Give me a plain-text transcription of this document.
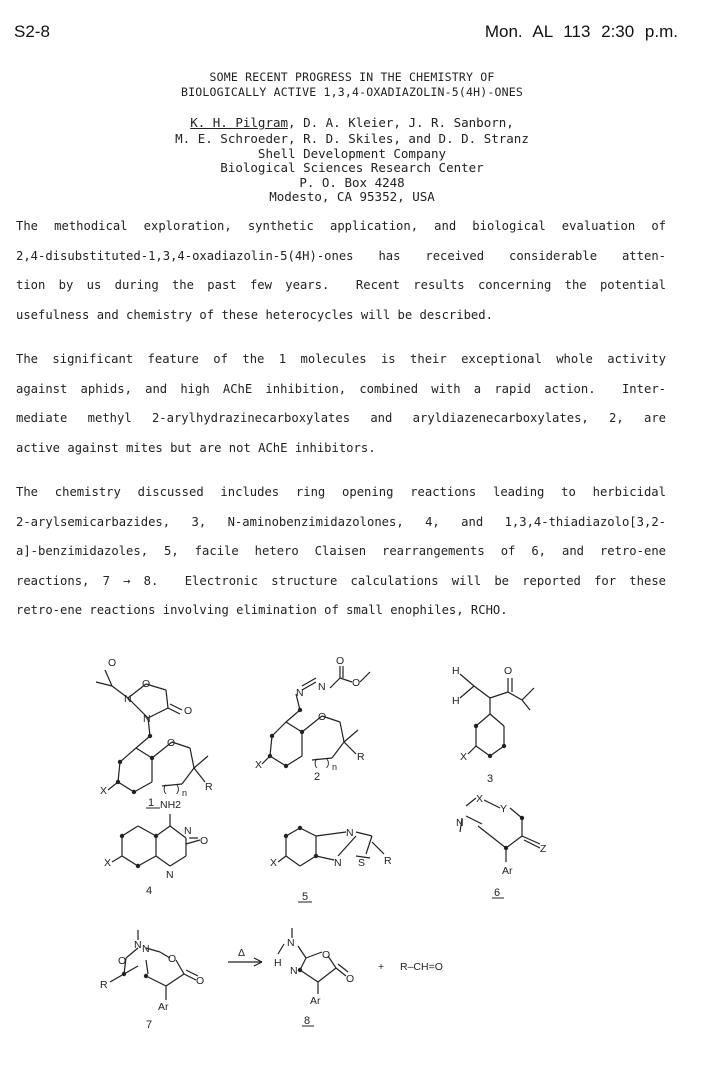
S2-8	Mon. AL 113 2:30 p.m.
SOME RECENT PROGRESS IN THE CHEMISTRY OF
BIOLOGICALLY ACTIVE 1,3,4-OXADIAZOLIN-5(4H)-ONES
K. H. Pilgram, D. A. Kleier, J. R. Sanborn,
M. E. Schroeder, R. D. Skiles, and D. D. Stranz
Shell Development Company
Biological Sciences Research Center
P. O. Box 4248
Modesto, CA 95352, USA
The methodical exploration, synthetic application, and biological evaluation of
2,4-disubstituted-1,3,4-oxadiazolin-5(4H)-ones has received considerable atten-
tion by us during the past few years.  Recent results concerning the potential
usefulness and chemistry of these heterocycles will be described.
The significant feature of the 1 molecules is their exceptional whole activity
against aphids, and high AChE inhibition, combined with a rapid action.  Inter-
mediate methyl 2-arylhydrazinecarboxylates and aryldiazenecarboxylates, 2, are
active against mites but are not AChE inhibitors.
The chemistry discussed includes ring opening reactions leading to herbicidal
2-arylsemicarbazides, 3, N-aminobenzimidazolones, 4, and 1,3,4-thiadiazolo[3,2-
a]-benzimidazoles, 5, facile hetero Claisen rearrangements of 6, and retro-ene
reactions, 7 → 8.  Electronic structure calculations will be reported for these
retro-ene reactions involving elimination of small enophiles, RCHO.
O
O
N
N
O
O
R
X	( ) n
O
N N	O
O
R
X	( ) n
H
H
O
X
NH2
N
O
N
X
N
N S R
X
X
Y
N
Z
Ar
N
O
R
N
O
O
Ar
Δ
H
N
O
O
N
Ar
+ R–CH=O
1
2	3
4	5	6
7	8
